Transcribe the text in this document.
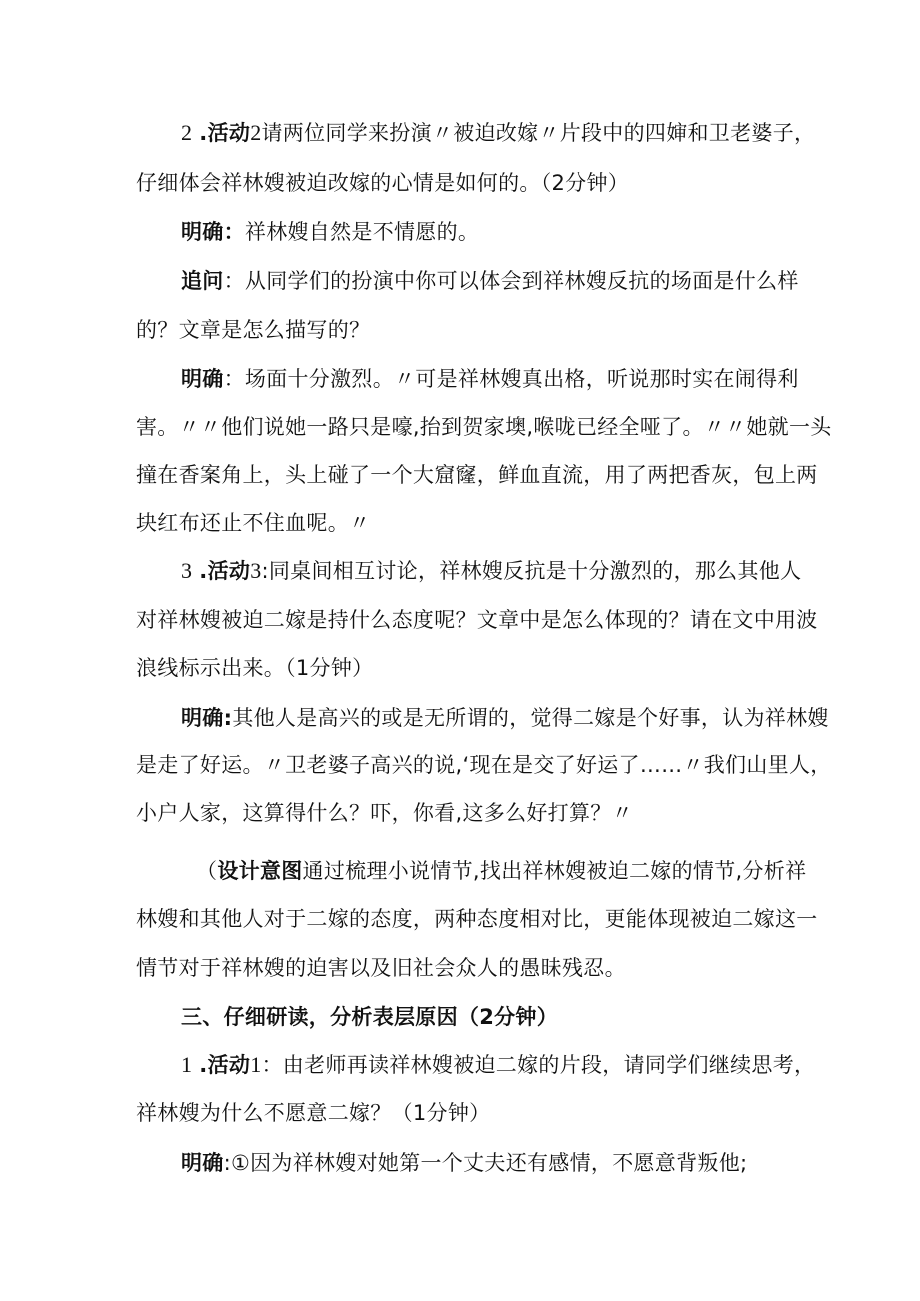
2 .活动2请两位同学来扮演〃被迫改嫁〃片段中的四婶和卫老婆子，
仔细体会祥林嫂被迫改嫁的心情是如何的。（2分钟）
明确：祥林嫂自然是不情愿的。
追问：从同学们的扮演中你可以体会到祥林嫂反抗的场面是什么样
的？文章是怎么描写的？
明确：场面十分激烈。〃可是祥林嫂真出格，听说那时实在闹得利
害。〃〃他们说她一路只是嚎,抬到贺家墺,喉咙已经全哑了。〃〃她就一头
撞在香案角上，头上碰了一个大窟窿，鲜血直流，用了两把香灰，包上两
块红布还止不住血呢。〃
3 .活动3:同桌间相互讨论，祥林嫂反抗是十分激烈的，那么其他人
对祥林嫂被迫二嫁是持什么态度呢？文章中是怎么体现的？请在文中用波
浪线标示出来。（1分钟）
明确:其他人是高兴的或是无所谓的，觉得二嫁是个好事，认为祥林嫂
是走了好运。〃卫老婆子高兴的说,‘现在是交了好运了……〃我们山里人，
小户人家，这算得什么？吓，你看,这多么好打算？〃
（设计意图通过梳理小说情节,找出祥林嫂被迫二嫁的情节,分析祥
林嫂和其他人对于二嫁的态度，两种态度相对比，更能体现被迫二嫁这一
情节对于祥林嫂的迫害以及旧社会众人的愚昧残忍。
三、仔细研读，分析表层原因（2分钟）
1 .活动1：由老师再读祥林嫂被迫二嫁的片段，请同学们继续思考，
祥林嫂为什么不愿意二嫁？（1分钟）
明确:①因为祥林嫂对她第一个丈夫还有感情，不愿意背叛他;
